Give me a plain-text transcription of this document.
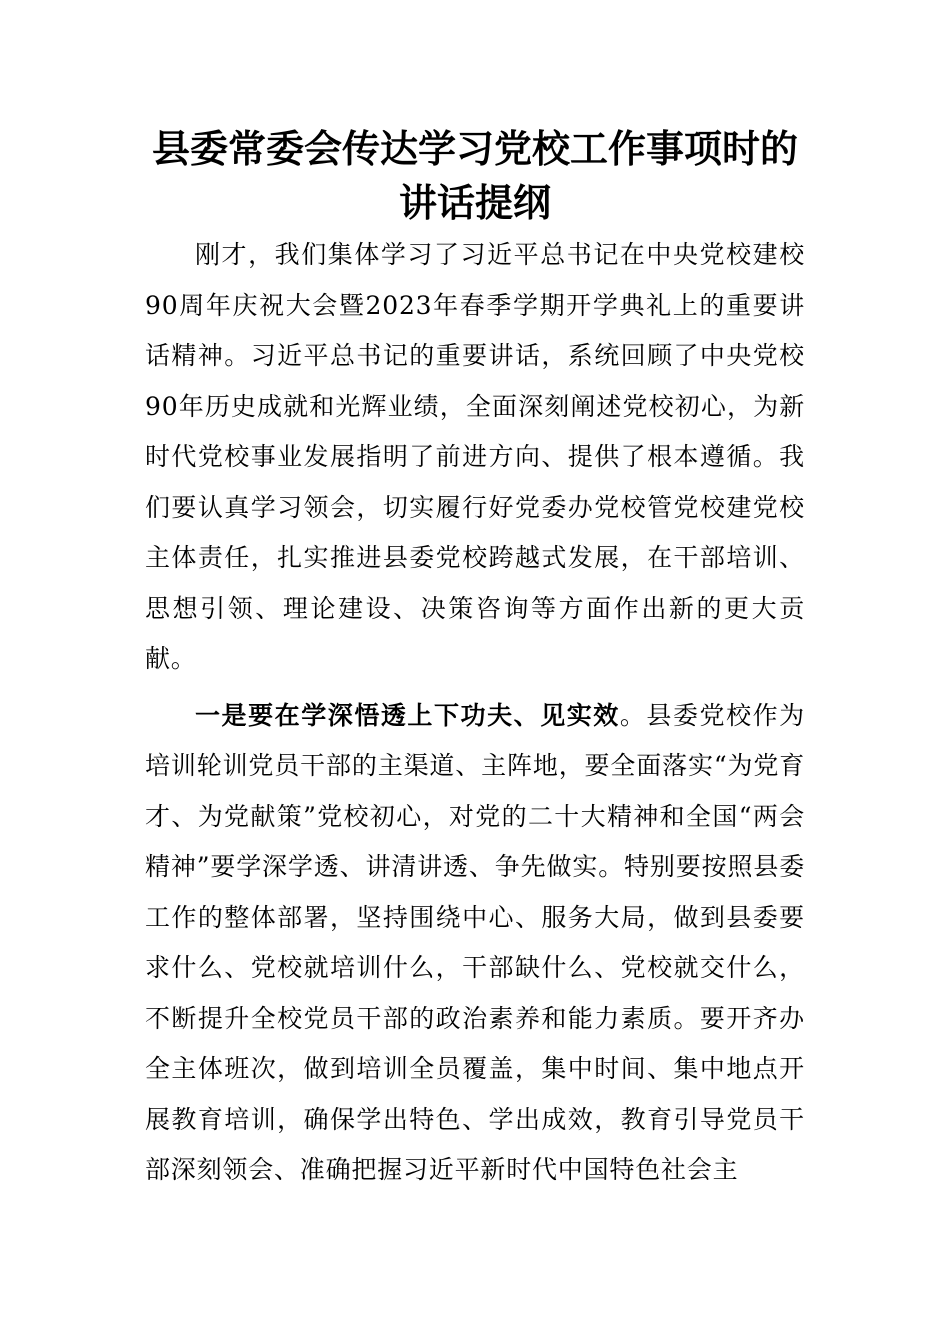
县委常委会传达学习党校工作事项时的讲话提纲

刚才，我们集体学习了习近平总书记在中央党校建校90周年庆祝大会暨2023年春季学期开学典礼上的重要讲话精神。习近平总书记的重要讲话，系统回顾了中央党校90年历史成就和光辉业绩，全面深刻阐述党校初心，为新时代党校事业发展指明了前进方向、提供了根本遵循。我们要认真学习领会，切实履行好党委办党校管党校建党校主体责任，扎实推进县委党校跨越式发展，在干部培训、思想引领、理论建设、决策咨询等方面作出新的更大贡献。

一是要在学深悟透上下功夫、见实效。县委党校作为培训轮训党员干部的主渠道、主阵地，要全面落实“为党育才、为党献策”党校初心，对党的二十大精神和全国“两会精神”要学深学透、讲清讲透、争先做实。特别要按照县委工作的整体部署，坚持围绕中心、服务大局，做到县委要求什么、党校就培训什么，干部缺什么、党校就交什么，不断提升全校党员干部的政治素养和能力素质。要开齐办全主体班次，做到培训全员覆盖，集中时间、集中地点开展教育培训，确保学出特色、学出成效，教育引导党员干部深刻领会、准确把握习近平新时代中国特色社会主
